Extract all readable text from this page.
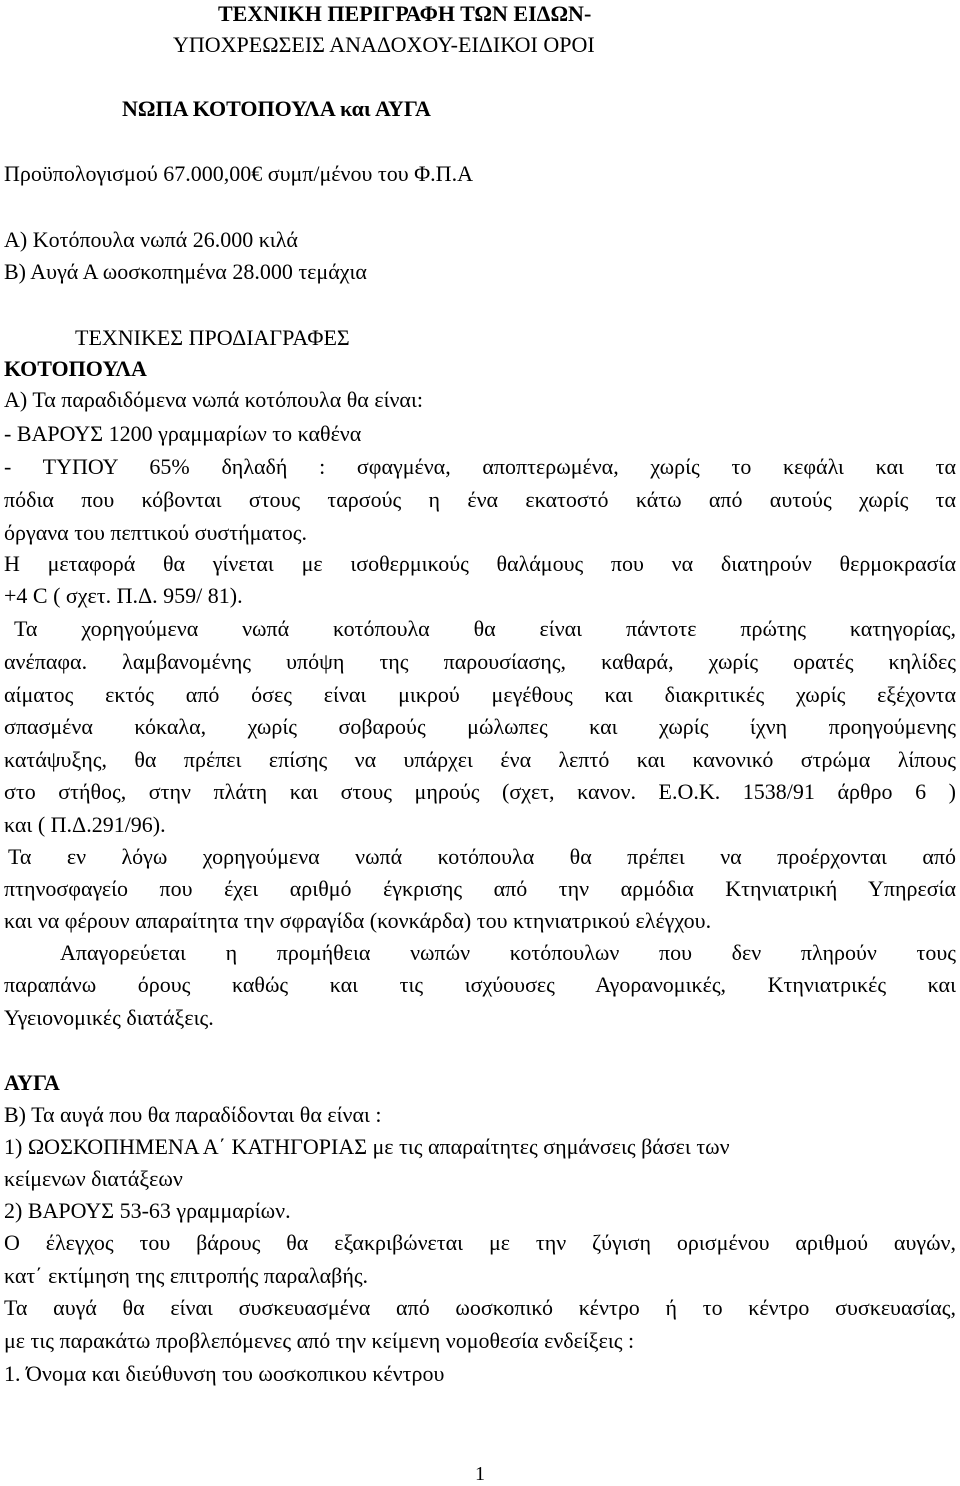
ΤΕΧΝΙΚΗ ΠΕΡΙΓΡΑΦΗ ΤΩΝ ΕΙΔΩΝ-
ΥΠΟΧΡΕΩΣΕΙΣ ΑΝΑΔΟΧΟΥ-ΕΙΔΙΚΟΙ ΟΡΟΙ
ΝΩΠΑ ΚΟΤΟΠΟΥΛΑ και ΑΥΓΑ
Προϋπολογισμού 67.000,00€ συμπ/μένου του Φ.Π.Α
Α) Κοτόπουλα νωπά 26.000 κιλά
Β) Αυγά Α ωοσκοπημένα 28.000 τεμάχια
ΤΕΧΝΙΚΕΣ ΠΡΟΔΙΑΓΡΑΦΕΣ
ΚΟΤΟΠΟΥΛΑ
Α) Τα παραδιδόμενα νωπά κοτόπουλα θα είναι:
- ΒΑΡΟΥΣ 1200 γραμμαρίων το καθένα
- ΤΥΠΟΥ 65% δηλαδή : σφαγμένα, αποπτερωμένα, χωρίς το κεφάλι και τα
πόδια που κόβονται στους ταρσούς η ένα εκατοστό κάτω από αυτούς χωρίς τα
όργανα του πεπτικού συστήματος.
Η μεταφορά θα γίνεται με ισοθερμικούς θαλάμους που να διατηρούν θερμοκρασία
+4 C ( σχετ. Π.Δ. 959/ 81).
Τα χορηγούμενα νωπά κοτόπουλα θα είναι πάντοτε πρώτης κατηγορίας,
ανέπαφα. λαμβανομένης υπόψη της παρουσίασης, καθαρά, χωρίς ορατές κηλίδες
αίματος εκτός από όσες είναι μικρού μεγέθους και διακριτικές χωρίς εξέχοντα
σπασμένα κόκαλα, χωρίς σοβαρούς μώλωπες και χωρίς ίχνη προηγούμενης
κατάψυξης, θα πρέπει επίσης να υπάρχει ένα λεπτό και κανονικό στρώμα λίπους
στο στήθος, στην πλάτη και στους μηρούς (σχετ, κανον. Ε.Ο.Κ. 1538/91 άρθρο 6 )
και ( Π.Δ.291/96).
Τα εν λόγω χορηγούμενα νωπά κοτόπουλα θα πρέπει να προέρχονται από
πτηνοσφαγείο που έχει αριθμό έγκρισης από την αρμόδια Κτηνιατρική Υπηρεσία
και να φέρουν απαραίτητα την σφραγίδα (κονκάρδα) του κτηνιατρικού ελέγχου.
Απαγορεύεται η προμήθεια νωπών κοτόπουλων που δεν πληρούν τους
παραπάνω όρους καθώς και τις ισχύουσες Αγορανομικές, Κτηνιατρικές και
Υγειονομικές διατάξεις.
ΑΥΓΑ
Β) Τα αυγά που θα παραδίδονται θα είναι :
1) ΩΟΣΚΟΠΗΜΕΝΑ Α΄ ΚΑΤΗΓΟΡΙΑΣ με τις απαραίτητες σημάνσεις βάσει των
κείμενων διατάξεων
2) ΒΑΡΟΥΣ 53-63 γραμμαρίων.
Ο έλεγχος του βάρους θα εξακριβώνεται με την ζύγιση ορισμένου αριθμού αυγών,
κατ΄ εκτίμηση της επιτροπής παραλαβής.
Τα αυγά θα είναι συσκευασμένα από ωοσκοπικό κέντρο ή το κέντρο συσκευασίας,
με τις παρακάτω προβλεπόμενες από την κείμενη νομοθεσία ενδείξεις :
1. Όνομα και διεύθυνση του ωοσκοπικου κέντρου
1
